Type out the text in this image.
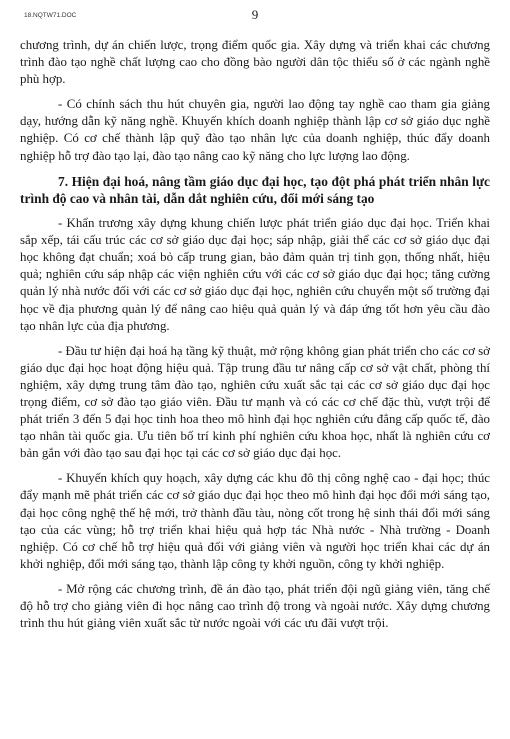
18.NQTW71.DOC	9

chương trình, dự án chiến lược, trọng điểm quốc gia. Xây dựng và triển khai các chương trình đào tạo nghề chất lượng cao cho đồng bào người dân tộc thiểu số ở các ngành nghề phù hợp.

- Có chính sách thu hút chuyên gia, người lao động tay nghề cao tham gia giảng dạy, hướng dẫn kỹ năng nghề. Khuyến khích doanh nghiệp thành lập cơ sở giáo dục nghề nghiệp. Có cơ chế thành lập quỹ đào tạo nhân lực của doanh nghiệp, thúc đẩy doanh nghiệp hỗ trợ đào tạo lại, đào tạo nâng cao kỹ năng cho lực lượng lao động.

7. Hiện đại hoá, nâng tầm giáo dục đại học, tạo đột phá phát triển nhân lực trình độ cao và nhân tài, dẫn dắt nghiên cứu, đổi mới sáng tạo

- Khẩn trương xây dựng khung chiến lược phát triển giáo dục đại học. Triển khai sắp xếp, tái cấu trúc các cơ sở giáo dục đại học; sáp nhập, giải thể các cơ sở giáo dục đại học không đạt chuẩn; xoá bỏ cấp trung gian, bảo đảm quản trị tinh gọn, thống nhất, hiệu quả; nghiên cứu sáp nhập các viện nghiên cứu với các cơ sở giáo dục đại học; tăng cường quản lý nhà nước đối với các cơ sở giáo dục đại học, nghiên cứu chuyển một số trường đại học về địa phương quản lý để nâng cao hiệu quả quản lý và đáp ứng tốt hơn yêu cầu đào tạo nhân lực của địa phương.

- Đầu tư hiện đại hoá hạ tầng kỹ thuật, mở rộng không gian phát triển cho các cơ sở giáo dục đại học hoạt động hiệu quả. Tập trung đầu tư nâng cấp cơ sở vật chất, phòng thí nghiệm, xây dựng trung tâm đào tạo, nghiên cứu xuất sắc tại các cơ sở giáo dục đại học trọng điểm, cơ sở đào tạo giáo viên. Đầu tư mạnh và có các cơ chế đặc thù, vượt trội để phát triển 3 đến 5 đại học tinh hoa theo mô hình đại học nghiên cứu đẳng cấp quốc tế, đào tạo nhân tài quốc gia. Ưu tiên bố trí kinh phí nghiên cứu khoa học, nhất là nghiên cứu cơ bản gắn với đào tạo sau đại học tại các cơ sở giáo dục đại học.

- Khuyến khích quy hoạch, xây dựng các khu đô thị công nghệ cao - đại học; thúc đẩy mạnh mẽ phát triển các cơ sở giáo dục đại học theo mô hình đại học đổi mới sáng tạo, đại học công nghệ thế hệ mới, trở thành đầu tàu, nòng cốt trong hệ sinh thái đổi mới sáng tạo của các vùng; hỗ trợ triển khai hiệu quả hợp tác Nhà nước - Nhà trường - Doanh nghiệp. Có cơ chế hỗ trợ hiệu quả đối với giảng viên và người học triển khai các dự án khởi nghiệp, đổi mới sáng tạo, thành lập công ty khởi nguồn, công ty khởi nghiệp.

- Mở rộng các chương trình, đề án đào tạo, phát triển đội ngũ giảng viên, tăng chế độ hỗ trợ cho giảng viên đi học nâng cao trình độ trong và ngoài nước. Xây dựng chương trình thu hút giảng viên xuất sắc từ nước ngoài với các ưu đãi vượt trội.
